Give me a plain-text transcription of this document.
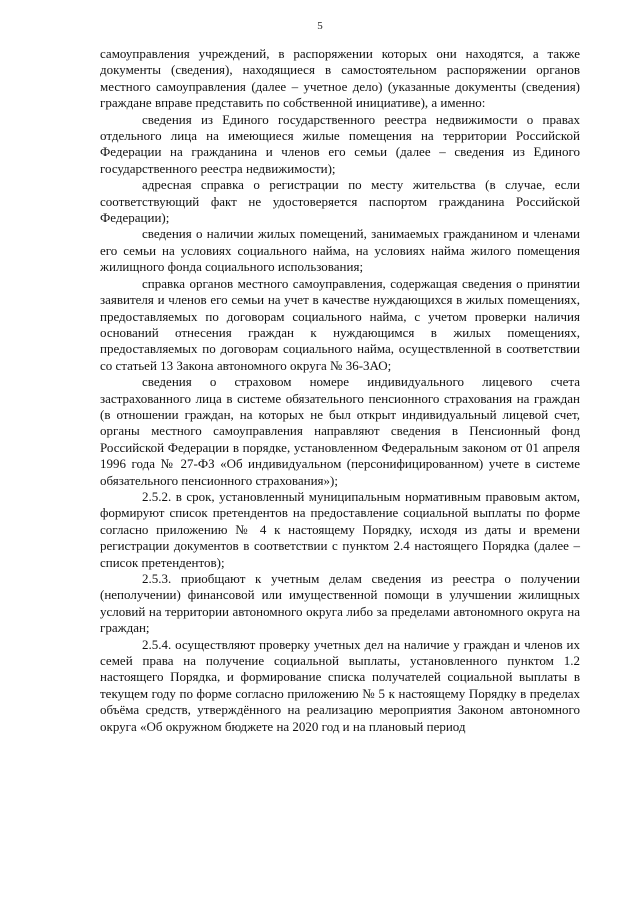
5

самоуправления учреждений, в распоряжении которых они находятся, а также документы (сведения), находящиеся в самостоятельном распоряжении органов местного самоуправления (далее – учетное дело) (указанные документы (сведения) граждане вправе представить по собственной инициативе), а именно:

сведения из Единого государственного реестра недвижимости о правах отдельного лица на имеющиеся жилые помещения на территории Российской Федерации на гражданина и членов его семьи (далее – сведения из Единого государственного реестра недвижимости);

адресная справка о регистрации по месту жительства (в случае, если соответствующий факт не удостоверяется паспортом гражданина Российской Федерации);

сведения о наличии жилых помещений, занимаемых гражданином и членами его семьи на условиях социального найма, на условиях найма жилого помещения жилищного фонда социального использования;

справка органов местного самоуправления, содержащая сведения о принятии заявителя и членов его семьи на учет в качестве нуждающихся в жилых помещениях, предоставляемых по договорам социального найма, с учетом проверки наличия оснований отнесения граждан к нуждающимся в жилых помещениях, предоставляемых по договорам социального найма, осуществленной в соответствии со статьей 13 Закона автономного округа № 36-3АО;

сведения о страховом номере индивидуального лицевого счета застрахованного лица в системе обязательного пенсионного страхования на граждан (в отношении граждан, на которых не был открыт индивидуальный лицевой счет, органы местного самоуправления направляют сведения в Пенсионный фонд Российской Федерации в порядке, установленном Федеральным законом от 01 апреля 1996 года № 27-ФЗ «Об индивидуальном (персонифицированном) учете в системе обязательного пенсионного страхования»);

2.5.2. в срок, установленный муниципальным нормативным правовым актом, формируют список претендентов на предоставление социальной выплаты по форме согласно приложению № 4 к настоящему Порядку, исходя из даты и времени регистрации документов в соответствии с пунктом 2.4 настоящего Порядка (далее – список претендентов);

2.5.3. приобщают к учетным делам сведения из реестра о получении (неполучении) финансовой или имущественной помощи в улучшении жилищных условий на территории автономного округа либо за пределами автономного округа на граждан;

2.5.4. осуществляют проверку учетных дел на наличие у граждан и членов их семей права на получение социальной выплаты, установленного пунктом 1.2 настоящего Порядка, и формирование списка получателей социальной выплаты в текущем году по форме согласно приложению № 5 к настоящему Порядку в пределах объёма средств, утверждённого на реализацию мероприятия Законом автономного округа «Об окружном бюджете на 2020 год и на плановый период
